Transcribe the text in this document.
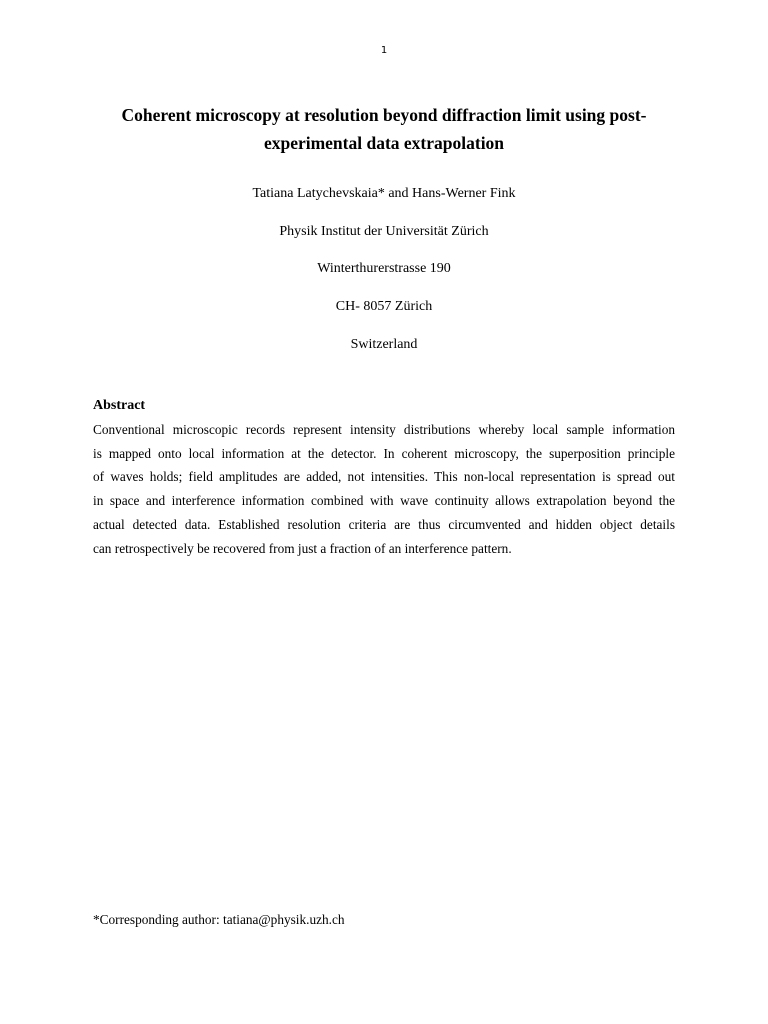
1
Coherent microscopy at resolution beyond diffraction limit using post-
experimental data extrapolation
Tatiana Latychevskaia* and Hans-Werner Fink
Physik Institut der Universität Zürich
Winterthurerstrasse 190
CH- 8057 Zürich
Switzerland
Abstract
Conventional microscopic records represent intensity distributions whereby local sample information
is mapped onto local information at the detector. In coherent microscopy, the superposition principle
of waves holds; field amplitudes are added, not intensities. This non-local representation is spread out
in space and interference information combined with wave continuity allows extrapolation beyond the
actual detected data. Established resolution criteria are thus circumvented and hidden object details
can retrospectively be recovered from just a fraction of an interference pattern.
*Corresponding author: tatiana@physik.uzh.ch
